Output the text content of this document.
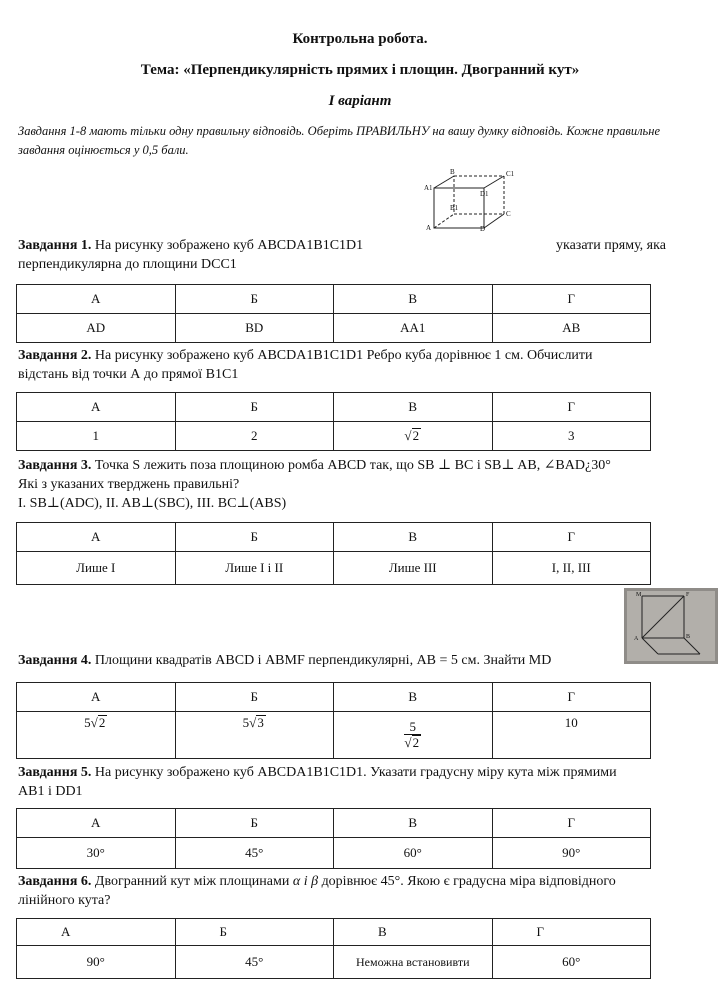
Контрольна робота.
Тема: «Перпендикулярність прямих і площин. Двогранний кут»
І варіант
Завдання 1-8 мають тільки одну правильну відповідь. Оберіть ПРАВИЛЬНУ на вашу думку відповідь. Кожне правильне завдання оцінюється у 0,5 бали.
B	C1
A1
D1
B1
C
A	D
Завдання 1. На рисунку зображено куб ABCDA1B1C1D1	указати пряму, яка
перпендикулярна до площини DCC1
А	Б	В	Г
AD	BD	AA1	AB
Завдання 2. На рисунку зображено куб ABCDA1B1C1D1 Ребро куба дорівнює 1 см. Обчислити
відстань від точки А до прямої B1C1
А	Б	В	Г
1	2	√2	3
Завдання 3. Точка S лежить поза площиною ромба ABCD так, що SB ⊥ BC і SB⊥ AB, ∠BAD¿30°
Які з указаних тверджень правильні?
I. SB⊥(ADC), II. AB⊥(SBC), III. BC⊥(ABS)
А	Б	В	Г
Лише I	Лише I і II	Лише III	I, II, III
M	F
A	B
Завдання 4. Площини квадратів ABCD і ABMF перпендикулярні, AB = 5 см. Знайти MD
А	Б	В	Г
5√2	5√3	$\frac{5}{√2}$	10
Завдання 5. На рисунку зображено куб ABCDA1B1C1D1. Указати градусну міру кута між прямими
AB1 і DD1
А	Б	В	Г
30°	45°	60°	90°
Завдання 6. Двогранний кут між площинами α і β дорівнює 45°. Якою є градусна міра відповідного
лінійного кута?
А	Б	В	Г
90°	45°	Неможна встановивти	60°
